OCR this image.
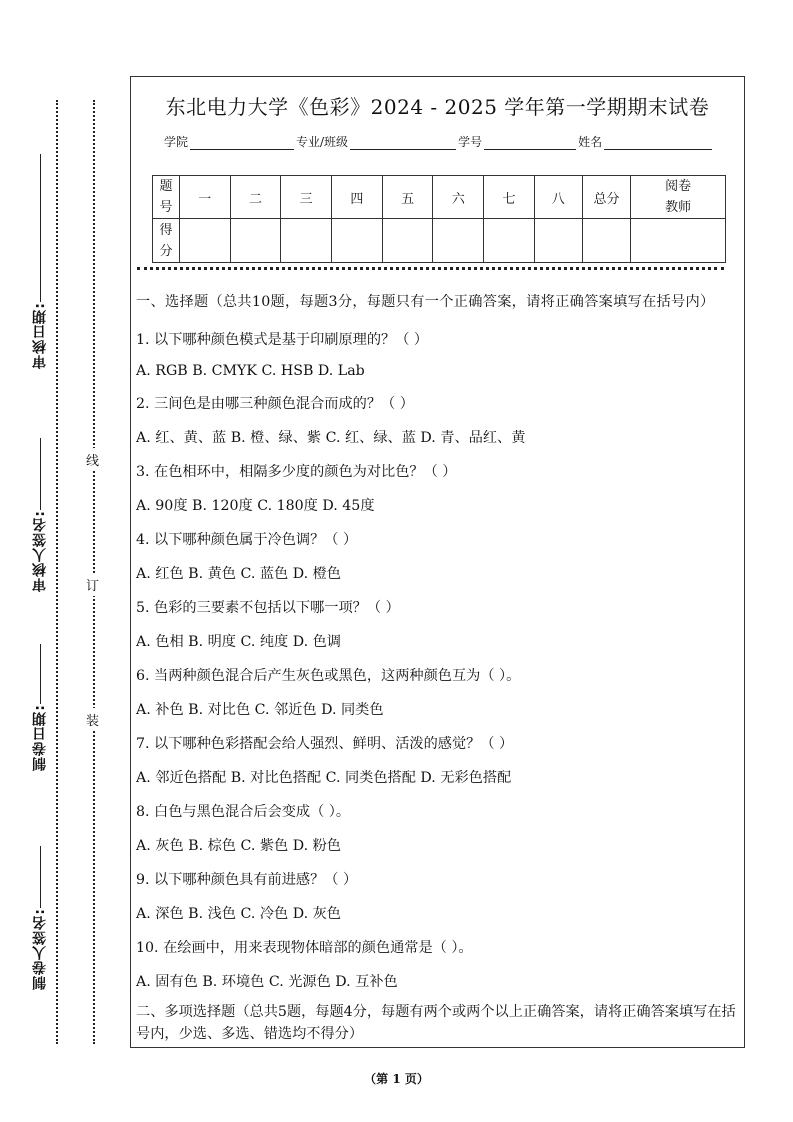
审核日期:
审核人签名:
制卷日期:
制卷人签名:
线
订
装
东北电力大学《色彩》2024 - 2025 学年第一学期期末试卷
学院	专业/班级	学号	姓名
题号	一	二	三	四	五	六	七	八	总分	阅卷教师
得分										

一、选择题（总共10题，每题3分，每题只有一个正确答案，请将正确答案填写在括号内）

1. 以下哪种颜色模式是基于印刷原理的？（ ）

A. RGB B. CMYK C. HSB D. Lab

2. 三间色是由哪三种颜色混合而成的？（ ）

A. 红、黄、蓝 B. 橙、绿、紫 C. 红、绿、蓝 D. 青、品红、黄

3. 在色相环中，相隔多少度的颜色为对比色？（ ）

A. 90度 B. 120度 C. 180度 D. 45度

4. 以下哪种颜色属于冷色调？（ ）

A. 红色 B. 黄色 C. 蓝色 D. 橙色

5. 色彩的三要素不包括以下哪一项？（ ）

A. 色相 B. 明度 C. 纯度 D. 色调

6. 当两种颜色混合后产生灰色或黑色，这两种颜色互为（ ）。

A. 补色 B. 对比色 C. 邻近色 D. 同类色

7. 以下哪种色彩搭配会给人强烈、鲜明、活泼的感觉？（ ）

A. 邻近色搭配 B. 对比色搭配 C. 同类色搭配 D. 无彩色搭配

8. 白色与黑色混合后会变成（ ）。

A. 灰色 B. 棕色 C. 紫色 D. 粉色

9. 以下哪种颜色具有前进感？（ ）

A. 深色 B. 浅色 C. 冷色 D. 灰色

10. 在绘画中，用来表现物体暗部的颜色通常是（ ）。

A. 固有色 B. 环境色 C. 光源色 D. 互补色

二、多项选择题（总共5题，每题4分，每题有两个或两个以上正确答案，请将正确答案填写在括号内，少选、多选、错选均不得分）

（第 1 页）
